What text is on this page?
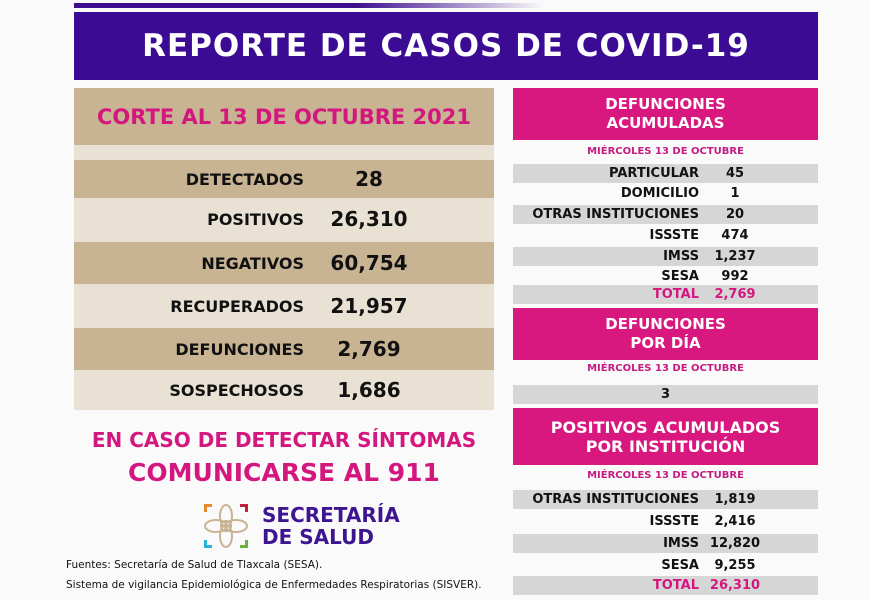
REPORTE DE CASOS DE COVID-19
CORTE AL 13 DE OCTUBRE 2021
DETECTADOS	28
POSITIVOS	26,310
NEGATIVOS	60,754
RECUPERADOS	21,957
DEFUNCIONES	2,769
SOSPECHOSOS	1,686
EN CASO DE DETECTAR SÍNTOMAS
COMUNICARSE AL 911
SECRETARÍA
DE SALUD
Fuentes: Secretaría de Salud de Tlaxcala (SESA).
Sistema de vigilancia Epidemiológica de Enfermedades Respiratorias (SISVER).
DEFUNCIONES
ACUMULADAS
MIÉRCOLES 13 DE OCTUBRE
PARTICULAR	45
DOMICILIO	1
OTRAS INSTITUCIONES	20
ISSSTE	474
IMSS	1,237
SESA	992
TOTAL	2,769
DEFUNCIONES
POR DÍA
MIÉRCOLES 13 DE OCTUBRE
3
POSITIVOS ACUMULADOS
POR INSTITUCIÓN
MIÉRCOLES 13 DE OCTUBRE
OTRAS INSTITUCIONES	1,819
ISSSTE	2,416
IMSS 12,820
SESA	9,255
TOTAL 26,310
